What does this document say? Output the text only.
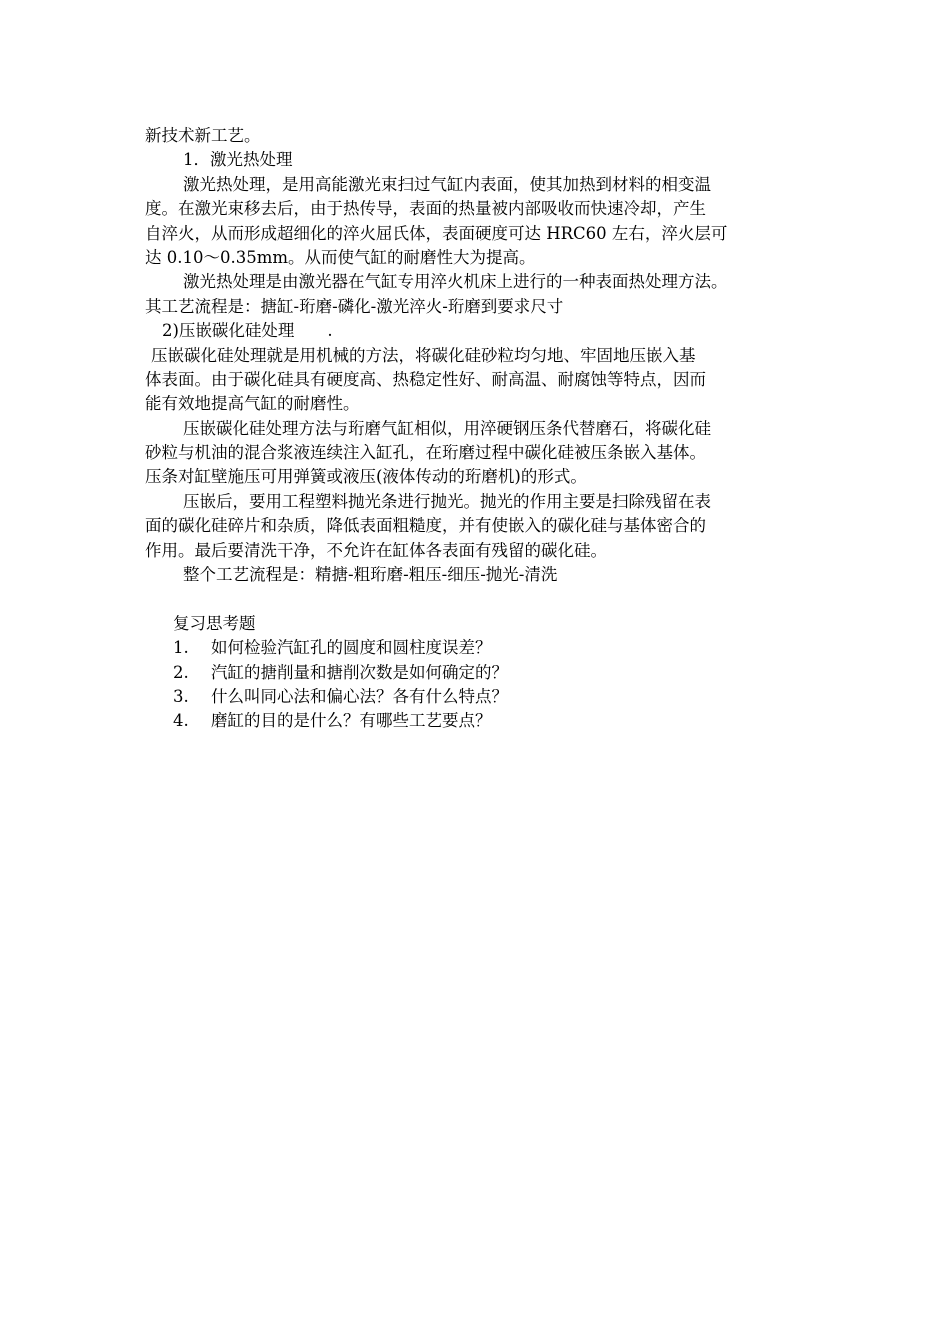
新技术新工艺。
1．激光热处理
激光热处理，是用高能激光束扫过气缸内表面，使其加热到材料的相变温
度。在激光束移去后，由于热传导，表面的热量被内部吸收而快速冷却，产生
自淬火，从而形成超细化的淬火屈氏体，表面硬度可达 HRC60 左右，淬火层可
达 0.10～0.35mm。从而使气缸的耐磨性大为提高。
激光热处理是由激光器在气缸专用淬火机床上进行的一种表面热处理方法。
其工艺流程是：搪缸-珩磨-磷化-激光淬火-珩磨到要求尺寸
2)压嵌碳化硅处理　　.
压嵌碳化硅处理就是用机械的方法，将碳化硅砂粒均匀地、牢固地压嵌入基
体表面。由于碳化硅具有硬度高、热稳定性好、耐高温、耐腐蚀等特点，因而
能有效地提高气缸的耐磨性。
压嵌碳化硅处理方法与珩磨气缸相似，用淬硬钢压条代替磨石，将碳化硅
砂粒与机油的混合浆液连续注入缸孔，在珩磨过程中碳化硅被压条嵌入基体。
压条对缸壁施压可用弹簧或液压(液体传动的珩磨机)的形式。
压嵌后，要用工程塑料抛光条进行抛光。抛光的作用主要是扫除残留在表
面的碳化硅碎片和杂质，降低表面粗糙度，并有使嵌入的碳化硅与基体密合的
作用。最后要清洗干净，不允许在缸体各表面有残留的碳化硅。
整个工艺流程是：精搪-粗珩磨-粗压-细压-抛光-清洗
复习思考题
1. 如何检验汽缸孔的圆度和圆柱度误差？
2. 汽缸的搪削量和搪削次数是如何确定的？
3. 什么叫同心法和偏心法？各有什么特点？
4. 磨缸的目的是什么？有哪些工艺要点？
